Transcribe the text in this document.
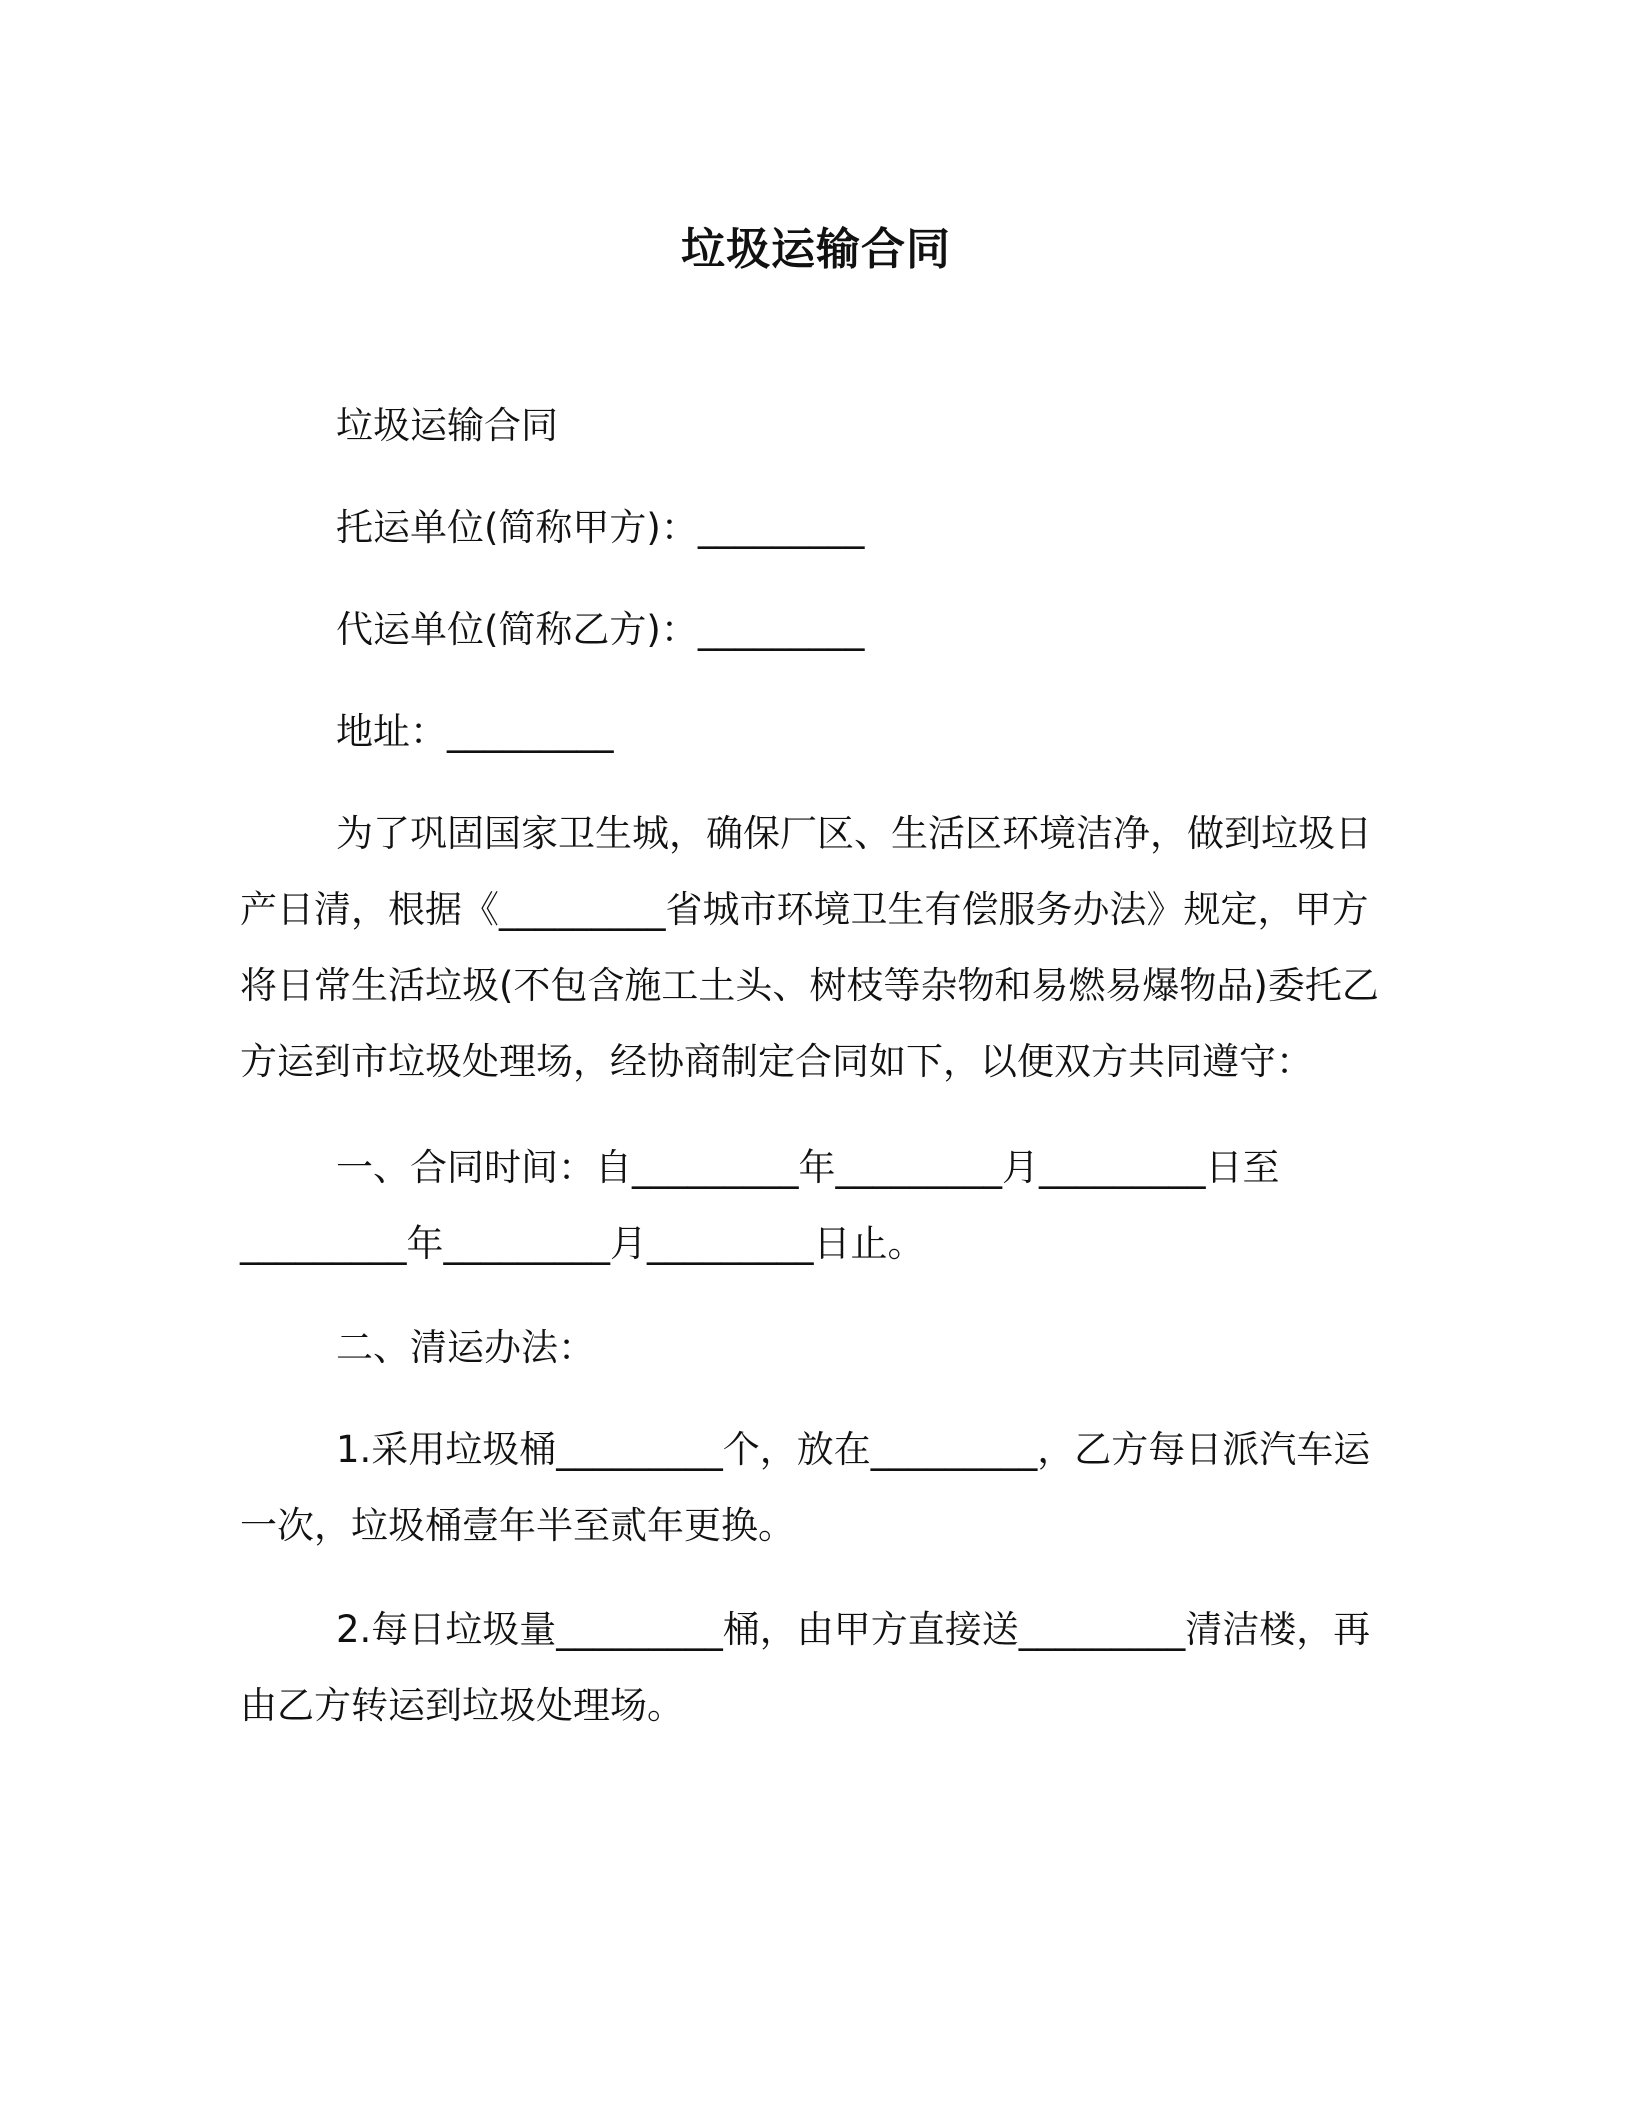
垃圾运输合同

垃圾运输合同

托运单位(简称甲方)：_________

代运单位(简称乙方)：_________

地址：_________

为了巩固国家卫生城，确保厂区、生活区环境洁净，做到垃圾日产日清，根据《_________省城市环境卫生有偿服务办法》规定，甲方将日常生活垃圾(不包含施工土头、树枝等杂物和易燃易爆物品)委托乙方运到市垃圾处理场，经协商制定合同如下，以便双方共同遵守：

一、合同时间：自_________年_________月_________日至_________年_________月_________日止。

二、清运办法：

1.采用垃圾桶_________个，放在_________，乙方每日派汽车运一次，垃圾桶壹年半至贰年更换。

2.每日垃圾量_________桶，由甲方直接送_________清洁楼，再由乙方转运到垃圾处理场。
